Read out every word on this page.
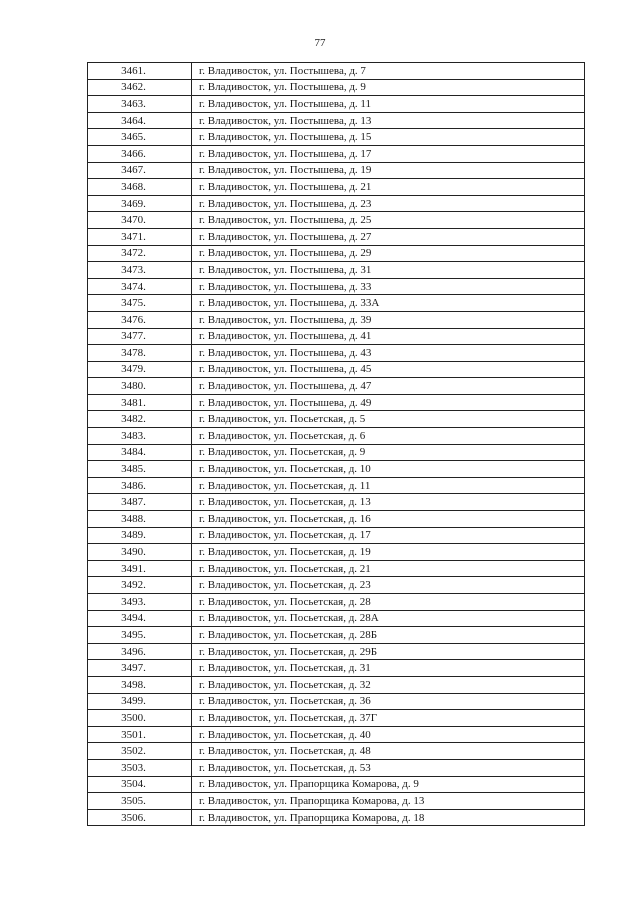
77
3461.	г. Владивосток, ул. Постышева, д. 7
3462.	г. Владивосток, ул. Постышева, д. 9
3463.	г. Владивосток, ул. Постышева, д. 11
3464.	г. Владивосток, ул. Постышева, д. 13
3465.	г. Владивосток, ул. Постышева, д. 15
3466.	г. Владивосток, ул. Постышева, д. 17
3467.	г. Владивосток, ул. Постышева, д. 19
3468.	г. Владивосток, ул. Постышева, д. 21
3469.	г. Владивосток, ул. Постышева, д. 23
3470.	г. Владивосток, ул. Постышева, д. 25
3471.	г. Владивосток, ул. Постышева, д. 27
3472.	г. Владивосток, ул. Постышева, д. 29
3473.	г. Владивосток, ул. Постышева, д. 31
3474.	г. Владивосток, ул. Постышева, д. 33
3475.	г. Владивосток, ул. Постышева, д. 33А
3476.	г. Владивосток, ул. Постышева, д. 39
3477.	г. Владивосток, ул. Постышева, д. 41
3478.	г. Владивосток, ул. Постышева, д. 43
3479.	г. Владивосток, ул. Постышева, д. 45
3480.	г. Владивосток, ул. Постышева, д. 47
3481.	г. Владивосток, ул. Постышева, д. 49
3482.	г. Владивосток, ул. Посьетская, д. 5
3483.	г. Владивосток, ул. Посьетская, д. 6
3484.	г. Владивосток, ул. Посьетская, д. 9
3485.	г. Владивосток, ул. Посьетская, д. 10
3486.	г. Владивосток, ул. Посьетская, д. 11
3487.	г. Владивосток, ул. Посьетская, д. 13
3488.	г. Владивосток, ул. Посьетская, д. 16
3489.	г. Владивосток, ул. Посьетская, д. 17
3490.	г. Владивосток, ул. Посьетская, д. 19
3491.	г. Владивосток, ул. Посьетская, д. 21
3492.	г. Владивосток, ул. Посьетская, д. 23
3493.	г. Владивосток, ул. Посьетская, д. 28
3494.	г. Владивосток, ул. Посьетская, д. 28А
3495.	г. Владивосток, ул. Посьетская, д. 28Б
3496.	г. Владивосток, ул. Посьетская, д. 29Б
3497.	г. Владивосток, ул. Посьетская, д. 31
3498.	г. Владивосток, ул. Посьетская, д. 32
3499.	г. Владивосток, ул. Посьетская, д. 36
3500.	г. Владивосток, ул. Посьетская, д. 37Г
3501.	г. Владивосток, ул. Посьетская, д. 40
3502.	г. Владивосток, ул. Посьетская, д. 48
3503.	г. Владивосток, ул. Посьетская, д. 53
3504.	г. Владивосток, ул. Прапорщика Комарова, д. 9
3505.	г. Владивосток, ул. Прапорщика Комарова, д. 13
3506.	г. Владивосток, ул. Прапорщика Комарова, д. 18
